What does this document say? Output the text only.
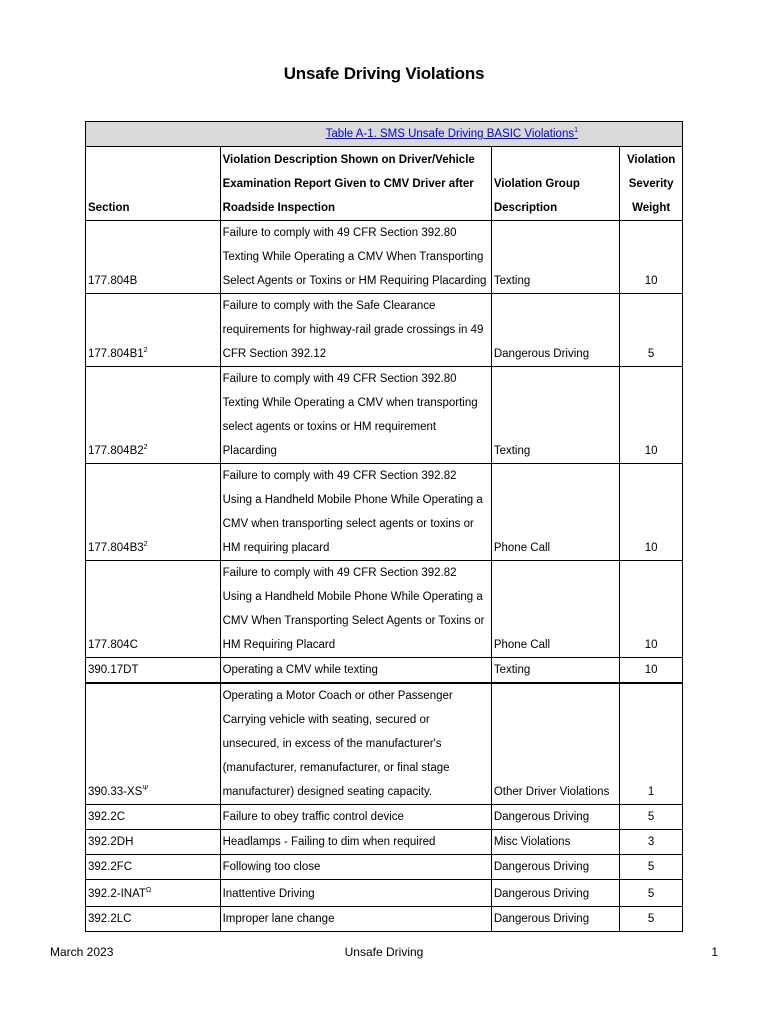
Unsafe Driving Violations
Table A-1. SMS Unsafe Driving BASIC Violations$^1$
Section	Violation Description Shown on Driver/Vehicle Examination Report Given to CMV Driver after Roadside Inspection	Violation Group Description	Violation Severity Weight
177.804B	Failure to comply with 49 CFR Section 392.80 Texting While Operating a CMV When Transporting Select Agents or Toxins or HM Requiring Placarding	Texting	10
$177.804B1^2$	Failure to comply with the Safe Clearance requirements for highway-rail grade crossings in 49 CFR Section 392.12	Dangerous Driving	5
$177.804B2^2$	Failure to comply with 49 CFR Section 392.80 Texting While Operating a CMV when transporting select agents or toxins or HM requirement Placarding	Texting	10
$177.804B3^2$	Failure to comply with 49 CFR Section 392.82 Using a Handheld Mobile Phone While Operating a CMV when transporting select agents or toxins or HM requiring placard	Phone Call	10
177.804C	Failure to comply with 49 CFR Section 392.82 Using a Handheld Mobile Phone While Operating a CMV When Transporting Select Agents or Toxins or HM Requiring Placard	Phone Call	10
390.17DT	Operating a CMV while texting	Texting	10
$390.33-XS^\Psi$	Operating a Motor Coach or other Passenger Carrying vehicle with seating, secured or unsecured, in excess of the manufacturer's (manufacturer, remanufacturer, or final stage manufacturer) designed seating capacity.	Other Driver Violations	1
392.2C	Failure to obey traffic control device	Dangerous Driving	5
392.2DH	Headlamps - Failing to dim when required	Misc Violations	3
392.2FC	Following too close	Dangerous Driving	5
$392.2-INAT^\Omega$	Inattentive Driving	Dangerous Driving	5
392.2LC	Improper lane change	Dangerous Driving	5
March 2023	Unsafe Driving	1
